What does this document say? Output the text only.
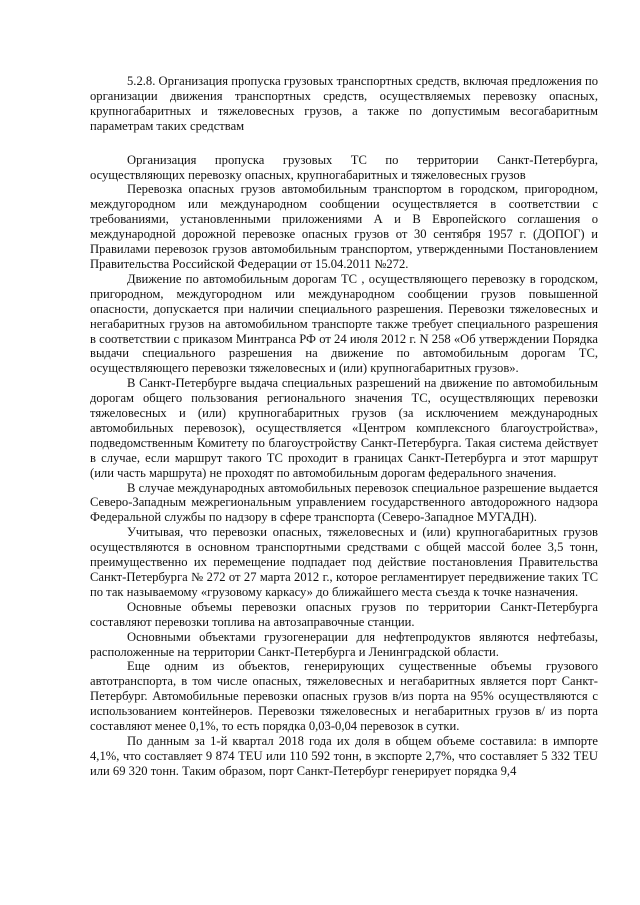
5.2.8. Организация пропуска грузовых транспортных средств, включая предложения по организации движения транспортных средств, осуществляемых перевозку опасных, крупногабаритных и тяжеловесных грузов, а также по допустимым весогабаритным параметрам таких средствам

Организация пропуска грузовых ТС по территории Санкт-Петербурга, осуществляющих перевозку опасных, крупногабаритных и тяжеловесных грузов

Перевозка опасных грузов автомобильным транспортом в городском, пригородном, междугородном или международном сообщении осуществляется в соответствии с требованиями, установленными приложениями А и В Европейского соглашения о международной дорожной перевозке опасных грузов от 30 сентября 1957 г. (ДОПОГ) и Правилами перевозок грузов автомобильным транспортом, утвержденными Постановлением Правительства Российской Федерации от 15.04.2011 №272.

Движение по автомобильным дорогам ТС , осуществляющего перевозку в городском, пригородном, междугородном или международном сообщении грузов повышенной опасности, допускается при наличии специального разрешения. Перевозки тяжеловесных и негабаритных грузов на автомобильном транспорте также требует специального разрешения в соответствии с приказом Минтранса РФ от 24 июля 2012 г. N 258 «Об утверждении Порядка выдачи специального разрешения на движение по автомобильным дорогам ТС, осуществляющего перевозки тяжеловесных и (или) крупногабаритных грузов».

В Санкт-Петербурге выдача специальных разрешений на движение по автомобильным дорогам общего пользования регионального значения ТС, осуществляющих перевозки тяжеловесных и (или) крупногабаритных грузов (за исключением международных автомобильных перевозок), осуществляется «Центром комплексного благоустройства», подведомственным Комитету по благоустройству Санкт-Петербурга. Такая система действует в случае, если маршрут такого ТС проходит в границах Санкт-Петербурга и этот маршрут (или часть маршрута) не проходят по автомобильным дорогам федерального значения.

В случае международных автомобильных перевозок специальное разрешение выдается Северо-Западным межрегиональным управлением государственного автодорожного надзора Федеральной службы по надзору в сфере транспорта (Северо-Западное МУГАДН).

Учитывая, что перевозки опасных, тяжеловесных и (или) крупногабаритных грузов осуществляются в основном транспортными средствами с общей массой более 3,5 тонн, преимущественно их перемещение подпадает под действие постановления Правительства Санкт-Петербурга № 272 от 27 марта 2012 г., которое регламентирует передвижение таких ТС по так называемому «грузовому каркасу» до ближайшего места съезда к точке назначения.

Основные объемы перевозки опасных грузов по территории Санкт-Петербурга составляют перевозки топлива на автозаправочные станции.

Основными объектами грузогенерации для нефтепродуктов являются нефтебазы, расположенные на территории Санкт-Петербурга и Ленинградской области.

Еще одним из объектов, генерирующих существенные объемы грузового автотранспорта, в том числе опасных, тяжеловесных и негабаритных является порт Санкт-Петербург. Автомобильные перевозки опасных грузов в/из порта на 95% осуществляются с использованием контейнеров. Перевозки тяжеловесных и негабаритных грузов в/ из порта составляют менее 0,1%, то есть порядка 0,03-0,04 перевозок в сутки.

По данным за 1-й квартал 2018 года их доля в общем объеме составила: в импорте 4,1%, что составляет 9 874 TEU или 110 592 тонн, в экспорте 2,7%, что составляет 5 332 TEU или 69 320 тонн. Таким образом, порт Санкт-Петербург генерирует порядка 9,4
